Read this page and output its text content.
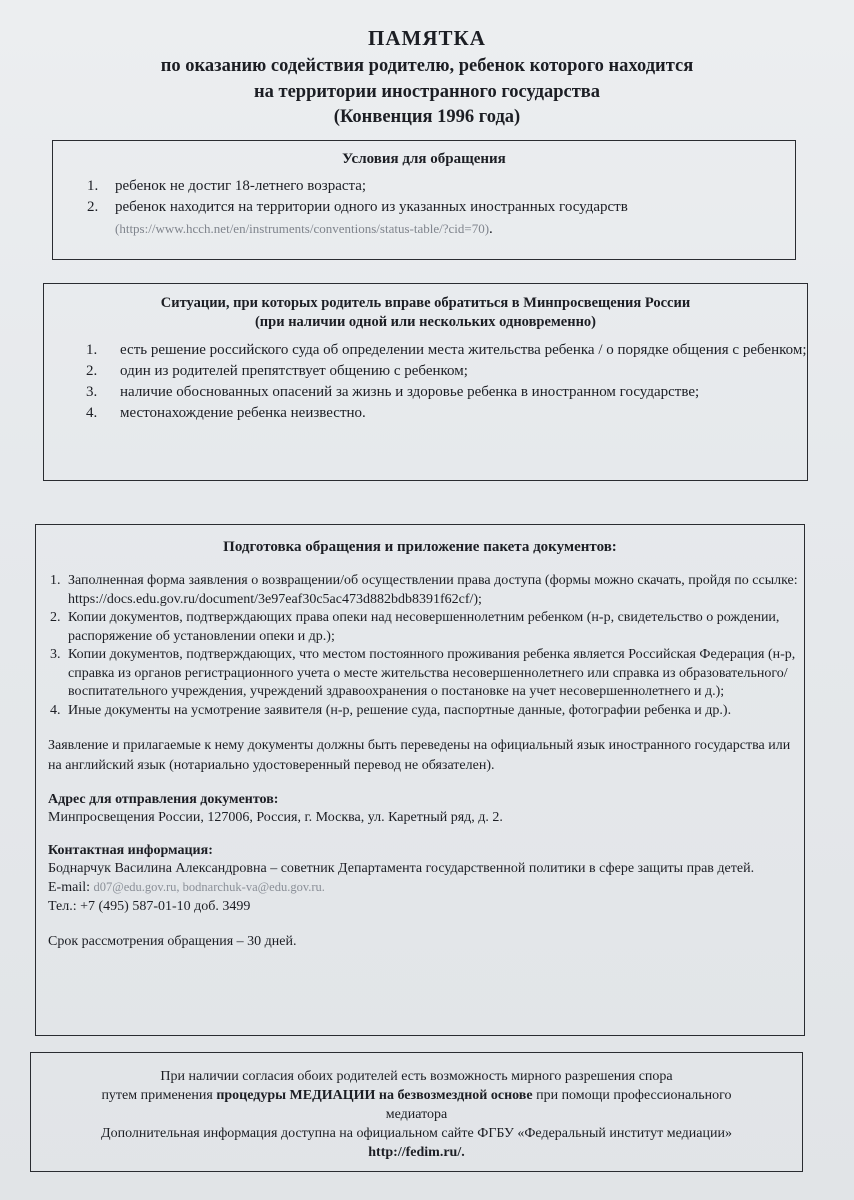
ПАМЯТКА
по оказанию содействия родителю, ребенок которого находится
на территории иностранного государства
(Конвенция 1996 года)
Условия для обращения
1. ребенок не достиг 18-летнего возраста;
2. ребенок находится на территории одного из указанных иностранных государств
(https://www.hcch.net/en/instruments/conventions/status-table/?cid=70).
Ситуации, при которых родитель вправе обратиться в Минпросвещения России
(при наличии одной или нескольких одновременно)
1. есть решение российского суда об определении места жительства ребенка / о порядке общения с ребенком;
2. один из родителей препятствует общению с ребенком;
3. наличие обоснованных опасений за жизнь и здоровье ребенка в иностранном государстве;
4. местонахождение ребенка неизвестно.
Подготовка обращения и приложение пакета документов:
1. Заполненная форма заявления о возвращении/об осуществлении права доступа (формы можно скачать, пройдя по ссылке: https://docs.edu.gov.ru/document/3e97eaf30c5ac473d882bdb8391f62cf/);
2. Копии документов, подтверждающих права опеки над несовершеннолетним ребенком (н-р, свидетельство о рождении, распоряжение об установлении опеки и др.);
3. Копии документов, подтверждающих, что местом постоянного проживания ребенка является Российская Федерация (н-р, справка из органов регистрационного учета о месте жительства несовершеннолетнего или справка из образовательного/воспитательного учреждения, учреждений здравоохранения о постановке на учет несовершеннолетнего и д.);
4. Иные документы на усмотрение заявителя (н-р, решение суда, паспортные данные, фотографии ребенка и др.).
Заявление и прилагаемые к нему документы должны быть переведены на официальный язык иностранного государства или на английский язык (нотариально удостоверенный перевод не обязателен).
Адрес для отправления документов:
Минпросвещения России, 127006, Россия, г. Москва, ул. Каретный ряд, д. 2.
Контактная информация:
Боднарчук Василина Александровна – советник Департамента государственной политики в сфере защиты прав детей.
E-mail: d07@edu.gov.ru, bodnarchuk-va@edu.gov.ru.
Тел.: +7 (495) 587-01-10 доб. 3499
Срок рассмотрения обращения – 30 дней.
При наличии согласия обоих родителей есть возможность мирного разрешения спора
путем применения процедуры МЕДИАЦИИ на безвозмездной основе при помощи профессионального
медиатора
Дополнительная информация доступна на официальном сайте ФГБУ «Федеральный институт медиации»
http://fedim.ru/.
